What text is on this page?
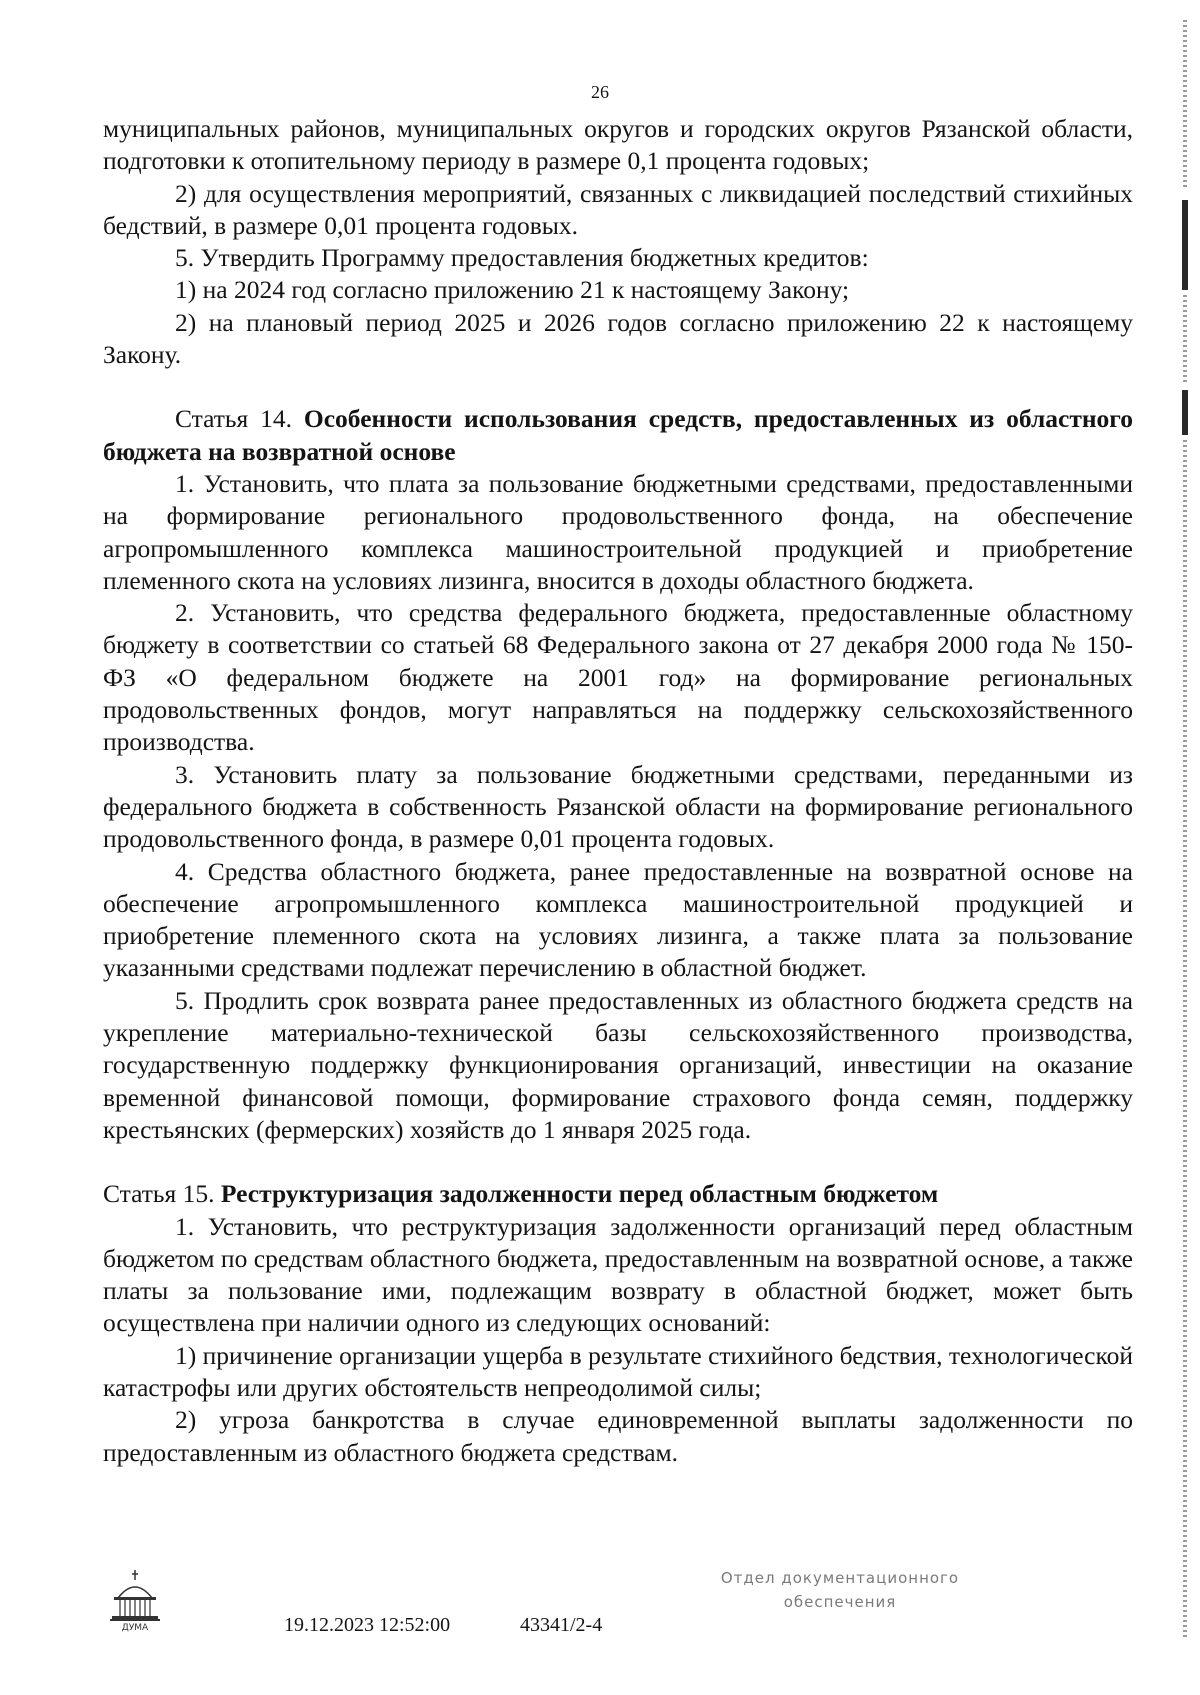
26

муниципальных районов, муниципальных округов и городских округов Рязанской области, подготовки к отопительному периоду в размере 0,1 процента годовых;

2) для осуществления мероприятий, связанных с ликвидацией последствий стихийных бедствий, в размере 0,01 процента годовых.

5. Утвердить Программу предоставления бюджетных кредитов:

1) на 2024 год согласно приложению 21 к настоящему Закону;

2) на плановый период 2025 и 2026 годов согласно приложению 22 к настоящему Закону.

Статья 14. Особенности использования средств, предоставленных из областного бюджета на возвратной основе

1. Установить, что плата за пользование бюджетными средствами, предоставленными на формирование регионального продовольственного фонда, на обеспечение агропромышленного комплекса машиностроительной продукцией и приобретение племенного скота на условиях лизинга, вносится в доходы областного бюджета.

2. Установить, что средства федерального бюджета, предоставленные областному бюджету в соответствии со статьей 68 Федерального закона от 27 декабря 2000 года № 150-ФЗ «О федеральном бюджете на 2001 год» на формирование региональных продовольственных фондов, могут направляться на поддержку сельскохозяйственного производства.

3. Установить плату за пользование бюджетными средствами, переданными из федерального бюджета в собственность Рязанской области на формирование регионального продовольственного фонда, в размере 0,01 процента годовых.

4. Средства областного бюджета, ранее предоставленные на возвратной основе на обеспечение агропромышленного комплекса машиностроительной продукцией и приобретение племенного скота на условиях лизинга, а также плата за пользование указанными средствами подлежат перечислению в областной бюджет.

5. Продлить срок возврата ранее предоставленных из областного бюджета средств на укрепление материально-технической базы сельскохозяйственного производства, государственную поддержку функционирования организаций, инвестиции на оказание временной финансовой помощи, формирование страхового фонда семян, поддержку крестьянских (фермерских) хозяйств до 1 января 2025 года.

Статья 15. Реструктуризация задолженности перед областным бюджетом

1. Установить, что реструктуризация задолженности организаций перед областным бюджетом по средствам областного бюджета, предоставленным на возвратной основе, а также платы за пользование ими, подлежащим возврату в областной бюджет, может быть осуществлена при наличии одного из следующих оснований:

1) причинение организации ущерба в результате стихийного бедствия, технологической катастрофы или других обстоятельств непреодолимой силы;

2) угроза банкротства в случае единовременной выплаты задолженности по предоставленным из областного бюджета средствам.

ДУМА	19.12.2023 12:52:00	43341/2-4
Отдел документационного
обеспечения
